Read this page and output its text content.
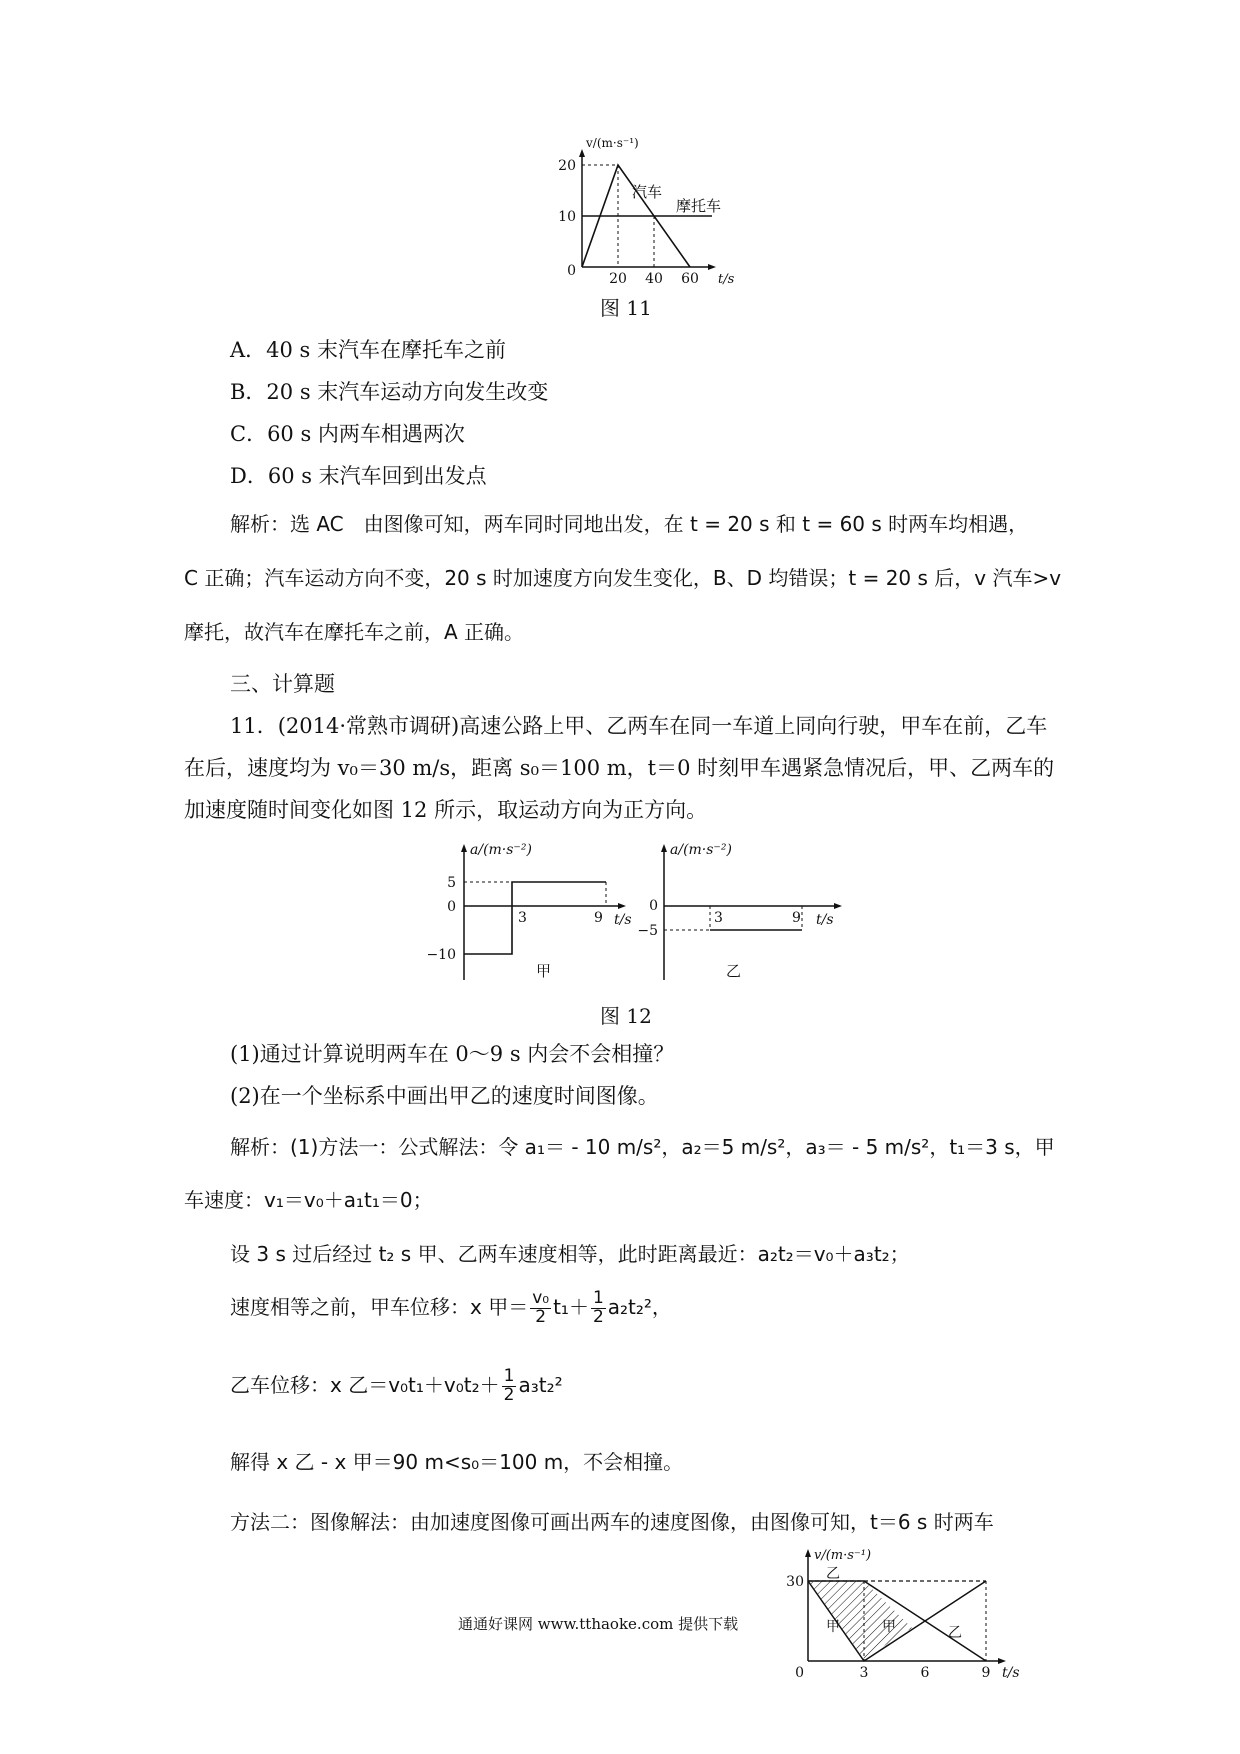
v/(m·s⁻¹)
20
10
0 20 40 60 t/s
汽车
摩托车
图 11
A．40 s 末汽车在摩托车之前
B．20 s 末汽车运动方向发生改变
C．60 s 内两车相遇两次
D．60 s 末汽车回到出发点
解析：选 AC　由图像可知，两车同时同地出发，在 t = 20 s 和 t = 60 s 时两车均相遇，
C 正确；汽车运动方向不变，20 s 时加速度方向发生变化，B、D 均错误；t = 20 s 后，v 汽车>v
摩托，故汽车在摩托车之前，A 正确。
三、计算题
11．(2014·常熟市调研)高速公路上甲、乙两车在同一车道上同向行驶，甲车在前，乙车
在后，速度均为 v₀＝30 m/s，距离 s₀＝100 m，t＝0 时刻甲车遇紧急情况后，甲、乙两车的
加速度随时间变化如图 12 所示，取运动方向为正方向。
a/(m·s⁻²)
5
0
−10
3	9 t/s
甲
a/(m·s⁻²)
0
−5
3	9 t/s
乙
图 12
(1)通过计算说明两车在 0～9 s 内会不会相撞？
(2)在一个坐标系中画出甲乙的速度时间图像。
解析：(1)方法一：公式解法：令 a₁＝ - 10 m/s²，a₂＝5 m/s²，a₃＝ - 5 m/s²，t₁＝3 s，甲
车速度：v₁＝v₀＋a₁t₁＝0；
设 3 s 过后经过 t₂ s 甲、乙两车速度相等，此时距离最近：a₂t₂＝v₀＋a₃t₂；
速度相等之前，甲车位移：x 甲＝ $\frac{\text{v₀}}{2} t_1+ \frac{1}{2} a_2t_2^2$，
乙车位移：x 乙$=v_0t_1+v_0t_2+ \frac{1}{2} a_3t_2^2$
解得 x 乙 - x 甲＝90 m<s₀＝100 m，不会相撞。
方法二：图像解法：由加速度图像可画出两车的速度图像，由图像可知，t＝6 s 时两车
v/(m·s⁻¹)
30
0	3	6	9 t/s
乙
甲	甲	乙
通通好课网 www.tthaoke.com 提供下载
